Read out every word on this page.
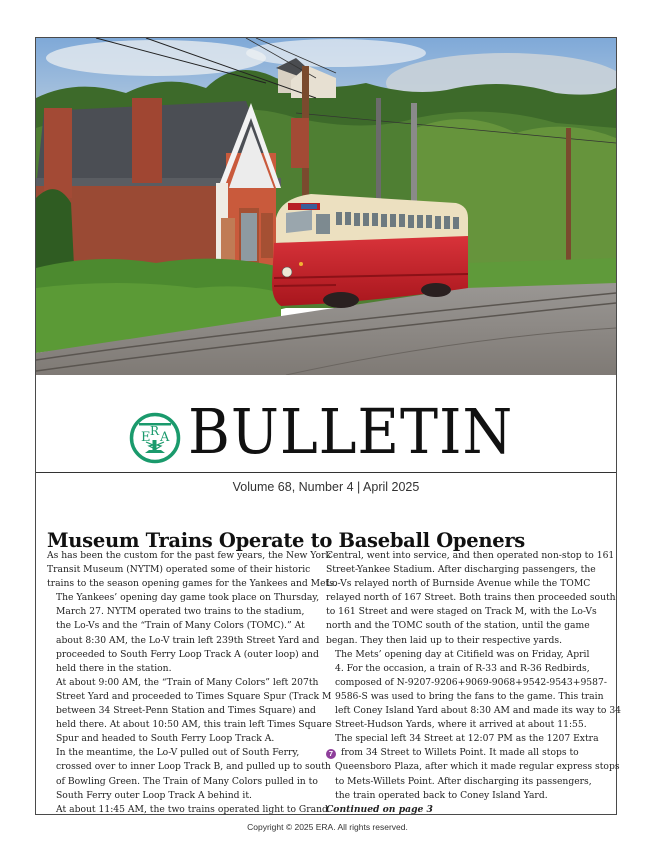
E R A BULLETIN
Volume 68, Number 4 | April 2025
Museum Trains Operate to Baseball Openers

As has been the custom for the past few years, the New York
Transit Museum (NYTM) operated some of their historic
trains to the season opening games for the Yankees and Mets.

The Yankees’ opening day game took place on Thursday,
March 27. NYTM operated two trains to the stadium,
the Lo-Vs and the “Train of Many Colors (TOMC).” At
about 8:30 AM, the Lo-V train left 239th Street Yard and
proceeded to South Ferry Loop Track A (outer loop) and
held there in the station.

At about 9:00 AM, the “Train of Many Colors” left 207th
Street Yard and proceeded to Times Square Spur (Track M
between 34 Street-Penn Station and Times Square) and
held there. At about 10:50 AM, this train left Times Square
Spur and headed to South Ferry Loop Track A.

In the meantime, the Lo-V pulled out of South Ferry,
crossed over to inner Loop Track B, and pulled up to south
of Bowling Green. The Train of Many Colors pulled in to
South Ferry outer Loop Track A behind it.

At about 11:45 AM, the two trains operated light to Grand

Central, went into service, and then operated non-stop to 161
Street-Yankee Stadium. After discharging passengers, the
Lo-Vs relayed north of Burnside Avenue while the TOMC
relayed north of 167 Street. Both trains then proceeded south
to 161 Street and were staged on Track M, with the Lo-Vs
north and the TOMC south of the station, until the game
began. They then laid up to their respective yards.

The Mets’ opening day at Citifield was on Friday, April
4. For the occasion, a train of R-33 and R-36 Redbirds,
composed of N-9207-9206+9069-9068+9542-9543+9587-
9586-S was used to bring the fans to the game. This train
left Coney Island Yard about 8:30 AM and made its way to 34
Street-Hudson Yards, where it arrived at about 11:55.

The special left 34 Street at 12:07 PM as the 1207 Extra
7 from 34 Street to Willets Point. It made all stops to
Queensboro Plaza, after which it made regular express stops
to Mets-Willets Point. After discharging its passengers,
the train operated back to Coney Island Yard.

Continued on page 3

Copyright © 2025 ERA. All rights reserved.
